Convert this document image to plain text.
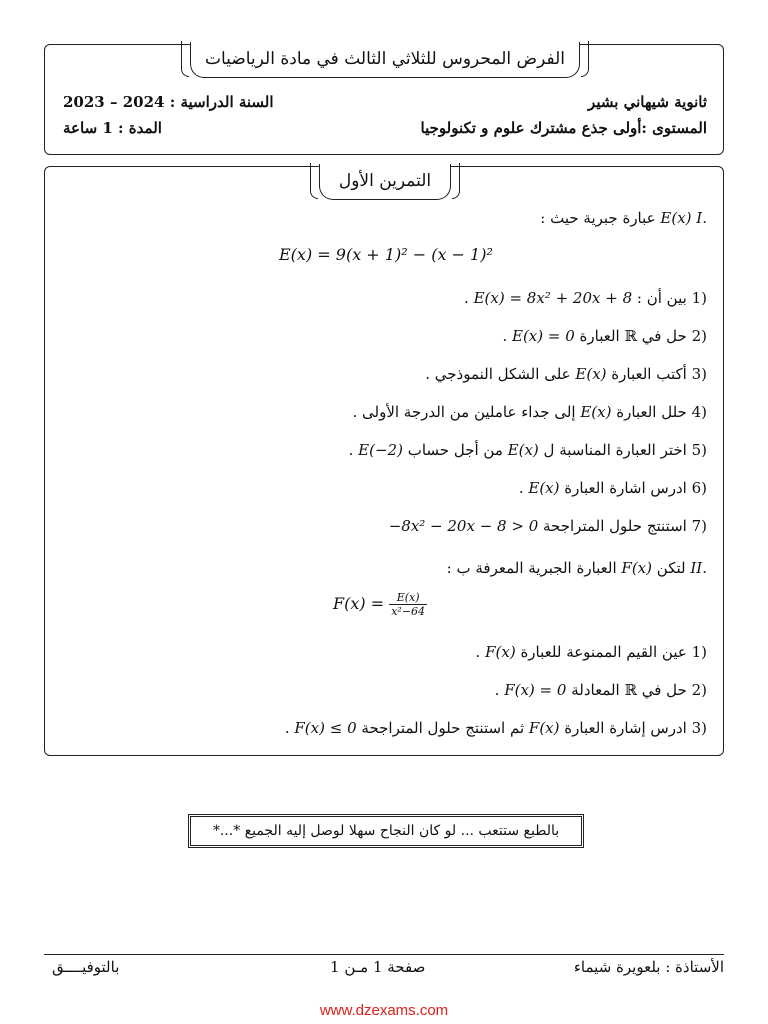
الفرض المحروس للثلاثي الثالث في مادة الرياضيات
ثانوية شيهاني بشير
المستوى :أولى جذع مشترك علوم و تكنولوجيا
السنة الدراسية : 2023 – 2024
المدة : 1 ساعة
التمرين الأول
I. E(x) عبارة جبرية حيث :
E(x) = 9(x + 1)² − (x − 1)²
1) بين أن : E(x) = 8x² + 20x + 8 .
2) حل في ℝ العبارة E(x) = 0 .
3) أكتب العبارة E(x) على الشكل النموذجي .
4) حلل العبارة E(x) إلى جداء عاملين من الدرجة الأولى .
5) اختر العبارة المناسبة ل E(x) من أجل حساب E(−2) .
6) ادرس اشارة العبارة E(x) .
7) استنتج حلول المتراجحة −8x² − 20x − 8 > 0
II. لتكن F(x) العبارة الجبرية المعرفة ب :
$F(x) = \frac{E(x)}{\text{x²−64}}$
1) عين القيم الممنوعة للعبارة F(x) .
2) حل في ℝ المعادلة F(x) = 0 .
3) ادرس إشارة العبارة F(x) ثم استنتج حلول المتراجحة F(x) ≤ 0 .
بالطبع ستتعب ... لو كان النجاح سهلا لوصل إليه الجميع *...*
الأستاذة : بلعويرة شيماء
صفحة 1 مـن 1
بالتوفيــــق
www.dzexams.com
